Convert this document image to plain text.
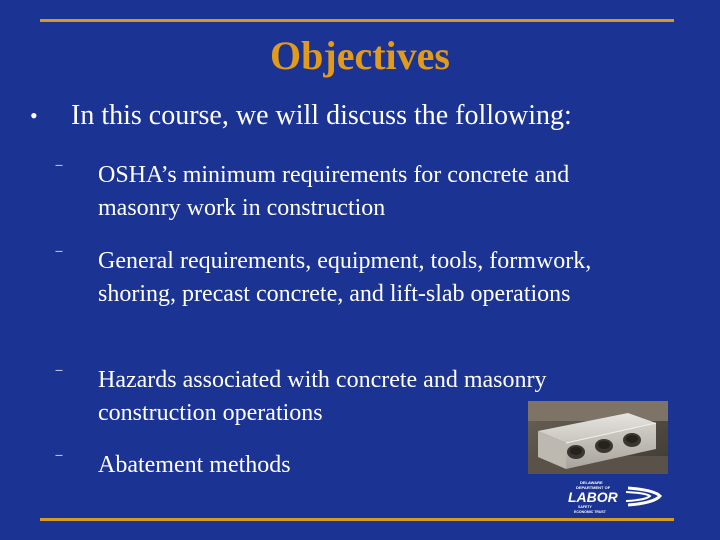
Objectives
•	In this course, we will discuss the following:
‾	OSHA’s minimum requirements for concrete and masonry work in construction
‾	General requirements, equipment, tools, formwork, shoring, precast concrete, and lift-slab operations
‾	Hazards associated with concrete and masonry construction operations
‾	Abatement methods
DELAWARE
DEPARTMENT OF
LABOR
SAFETY
ECONOMIC TRUST
